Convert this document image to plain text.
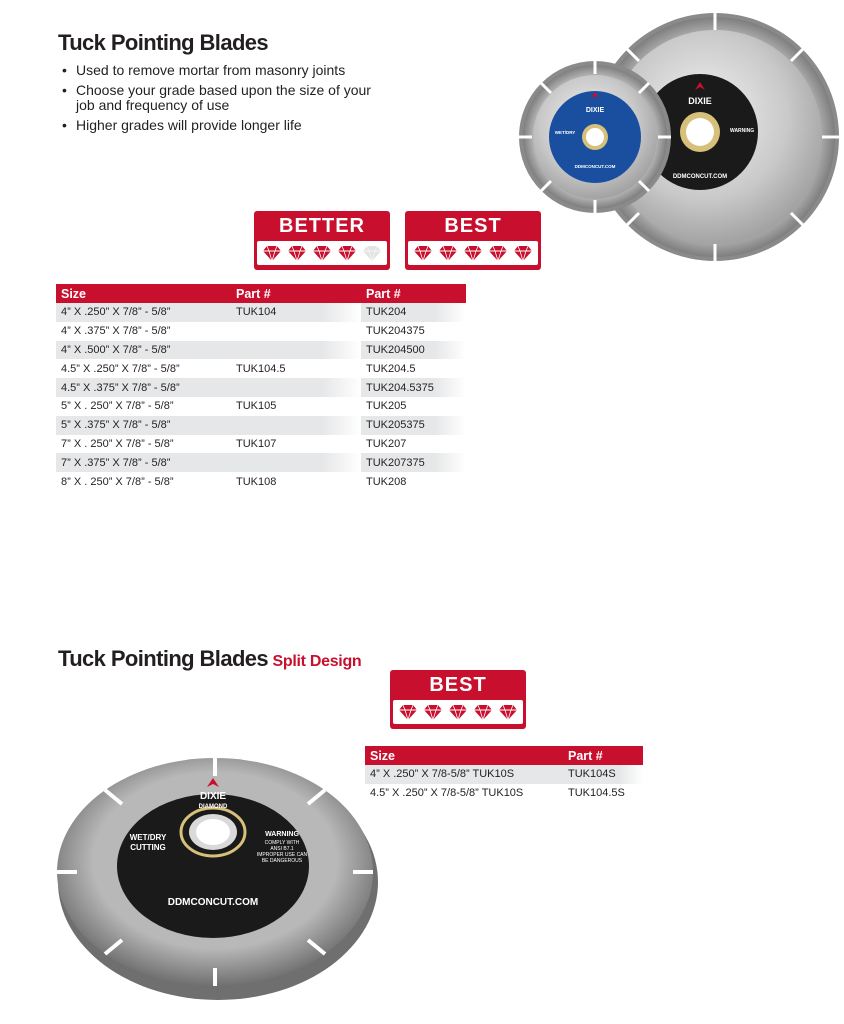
Tuck Pointing Blades
• Used to remove mortar from masonry joints
• Choose your grade based upon the size of your job and frequency of use
• Higher grades will provide longer life
DIXIE
WARNING
DDMCONCUT.COM
DIXIE
WET/DRY
DDMCONCUT.COM
BETTER	BEST
Size	Part #	Part #
4” X .250” X 7/8” - 5/8”	TUK104	TUK204
4” X .375” X 7/8” - 5/8”		TUK204375
4” X .500” X 7/8” - 5/8”		TUK204500
4.5” X .250” X 7/8” - 5/8”	TUK104.5	TUK204.5
4.5” X .375” X 7/8” - 5/8”		TUK204.5375
5” X . 250” X 7/8” - 5/8”	TUK105	TUK205
5” X .375” X 7/8” - 5/8”		TUK205375
7” X . 250” X 7/8” - 5/8”	TUK107	TUK207
7” X .375” X 7/8” - 5/8”		TUK207375
8” X . 250” X 7/8” - 5/8”	TUK108	TUK208
Tuck Pointing Blades Split Design
BEST
Size	Part #
4” X .250” X 7/8-5/8” TUK10S	TUK104S
4.5” X .250” X 7/8-5/8” TUK10S	TUK104.5S
DIXIE
DIAMOND
WET/DRY
CUTTING
WARNING
COMPLY WITH
ANSI B7.1
IMPROPER USE CAN
BE DANGEROUS
DDMCONCUT.COM
